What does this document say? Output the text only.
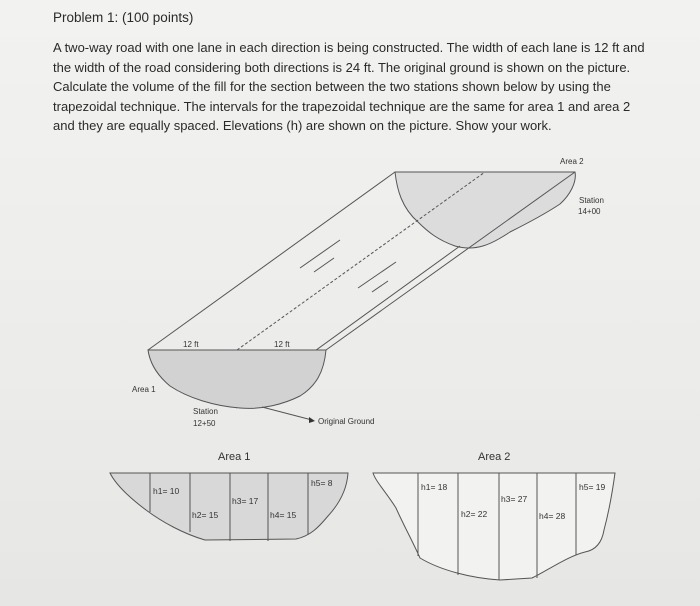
Problem 1: (100 points)
A two-way road with one lane in each direction is being constructed. The width of each lane is 12 ft and
the width of the road considering both directions is 24 ft. The original ground is shown on the picture.
Calculate the volume of the fill for the section between the two stations shown below by using the
trapezoidal technique. The intervals for the trapezoidal technique are the same for area 1 and area 2
and they are equally spaced. Elevations (h) are shown on the picture. Show your work.
Area 2
Station
14+00
12 ft	12 ft
Area 1
Station
12+50	Original Ground
Area 1
h1= 10
h2= 15
h3= 17
h4= 15
h5= 8
Area 2
h1= 18
h2= 22
h3= 27
h4= 28
h5= 19
